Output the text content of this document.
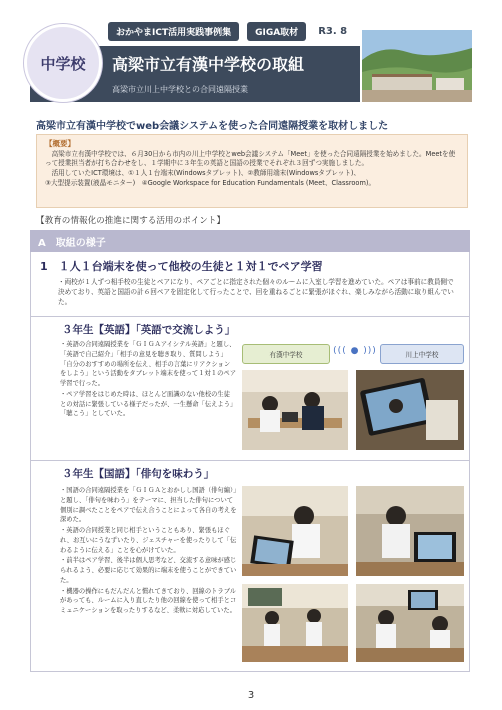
中学校
おかやまICT活用実践事例集	GIGA取材	R3. 8
高梁市立有漢中学校の取組
高梁市立川上中学校との合同遠隔授業
高梁市立有漢中学校でweb会議システムを使った合同遠隔授業を取材しました
【概要】
高梁市立有漢中学校では、６月30日から市内の川上中学校とweb会議システム「Meet」を使った合同遠隔授業を始めました。Meetを使って授業担当者が打ち合わせをし、１学期中に３年生の英語と国語の授業でそれぞれ３回ずつ実施しました。
活用していたICT環境は、①１人１台端末(Windowsタブレット)、②教師用端末(Windowsタブレット)、
③大型提示装置(液晶モニター)　④Google Workspace for Education Fundamentals (Meet、Classroom)。
【教育の情報化の推進に関する活用のポイント】
A　取組の様子
1　１人１台端末を使って他校の生徒と１対１でペア学習
・両校が１人ずつ相手校の生徒とペアになり、ペアごとに指定された個々のルームに入室し学習を進めていた。ペアは事前に教員側で決めており、英語と国語の計６回ペアを固定化して行ったことで、回を重ねるごとに緊張がほぐれ、楽しみながら活動に取り組んでいた。
３年生【英語】「英語で交流しよう」

・英語の合同遠隔授業を「ＧＩＧＡアイシテル英語」と題し、「英語で自己紹介」「相手の意見を聴き取り、質問しよう」「自分のおすすめの場所を伝え、相手の言葉にリアクションをしよう」という活動をタブレット端末を使って１対１のペア学習で行った。

・ペア学習をはじめた時は、ほとんど面識のない他校の生徒との対話に緊張している様子だったが、一生懸命「伝えよう」「聴こう」としていた。

有漢中学校	((( ● )))	川上中学校
３年生【国語】「俳句を味わう」

・国語の合同遠隔授業を「ＧＩＧＡとおかしし国語（俳句編）」と題し、「俳句を味わう」をテーマに、担当した俳句について個別に調べたことをペアで伝え合うことによって各自の考えを深めた。

・英語の合同授業と同じ相手ということもあり、緊張もほぐれ、お互いにうなずいたり、ジェスチャーを使ったりして「伝わるように伝える」ことを心がけていた。

・前半はペア学習、後半は個人思考など、交流する意味が感じられるよう、必要に応じて効果的に端末を使うことができていた。

・機器の操作にもだんだんと慣れてきており、回線のトラブルがあっても、ルームに入り直したり他の回線を使って相手とコミュニケーションを取ったりするなど、柔軟に対応していた。

3
